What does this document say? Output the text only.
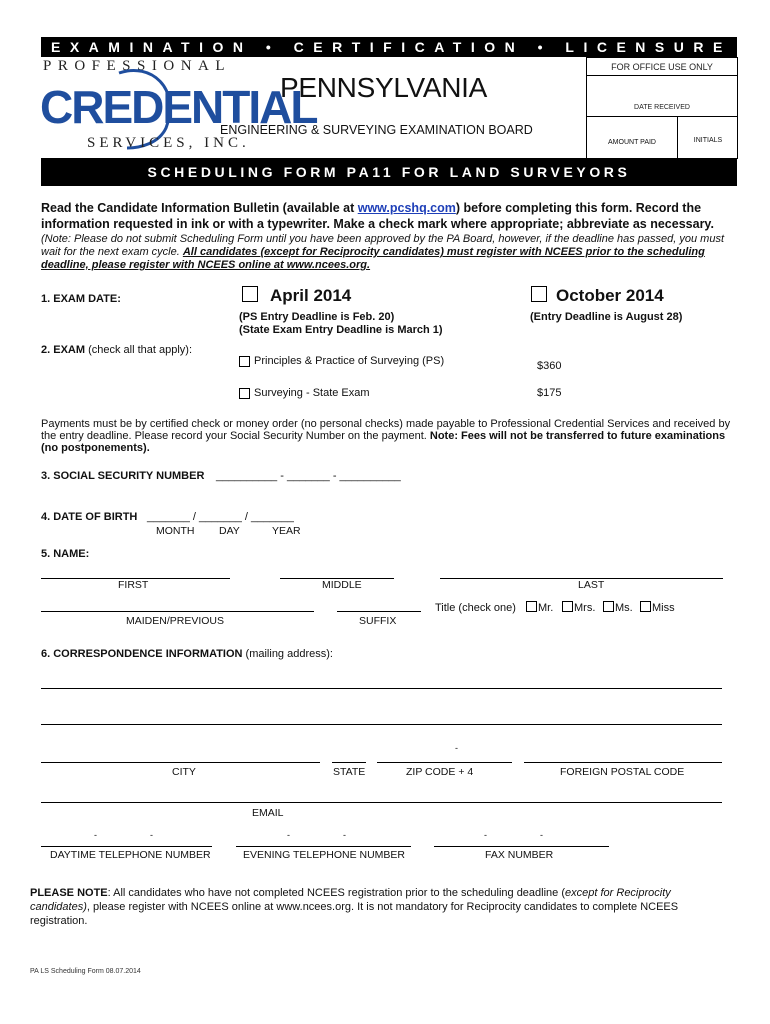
EXAMINATION • CERTIFICATION • LICENSURE
PROFESSIONAL
CREDENTIAL
SERVICES, INC.
FOR OFFICE USE ONLY
DATE RECEIVED
AMOUNT PAID	INITIALS
PENNSYLVANIA
ENGINEERING & SURVEYING EXAMINATION BOARD
SCHEDULING FORM PA11 FOR LAND SURVEYORS
Read the Candidate Information Bulletin (available at www.pcshq.com) before completing this form. Record the information requested in ink or with a typewriter. Make a check mark where appropriate; abbreviate as necessary.
(Note: Please do not submit Scheduling Form until you have been approved by the PA Board, however, if the deadline has passed, you must wait for the next exam cycle. All candidates (except for Reciprocity candidates) must register with NCEES prior to the scheduling deadline, please register with NCEES online at www.ncees.org.
1. EXAM DATE:	April 2014
(PS Entry Deadline is Feb. 20)
(State Exam Entry Deadline is March 1)
October 2014
(Entry Deadline is August 28)
2. EXAM (check all that apply):
Principles & Practice of Surveying (PS)	$360
Surveying - State Exam	$175
Payments must be by certified check or money order (no personal checks) made payable to Professional Credential Services and received by the entry deadline. Please record your Social Security Number on the payment. Note: Fees will not be transferred to future examinations (no postponements).
3. SOCIAL SECURITY NUMBER __________ - _______ - __________
4. DATE OF BIRTH _______ / _______ / _______
MONTH DAY	YEAR
5. NAME:
FIRST	MIDDLE	LAST
MAIDEN/PREVIOUS	SUFFIX
Title (check one) Mr. Mrs. Ms. Miss
6. CORRESPONDENCE INFORMATION (mailing address):
-
CITY	STATE	ZIP CODE + 4	FOREIGN POSTAL CODE
EMAIL
-	-	-	-	-	-
DAYTIME TELEPHONE NUMBER	EVENING TELEPHONE NUMBER	FAX NUMBER
PLEASE NOTE: All candidates who have not completed NCEES registration prior to the scheduling deadline (except for Reciprocity candidates), please register with NCEES online at www.ncees.org. It is not mandatory for Reciprocity candidates to complete NCEES registration.
PA LS Scheduling Form 08.07.2014
